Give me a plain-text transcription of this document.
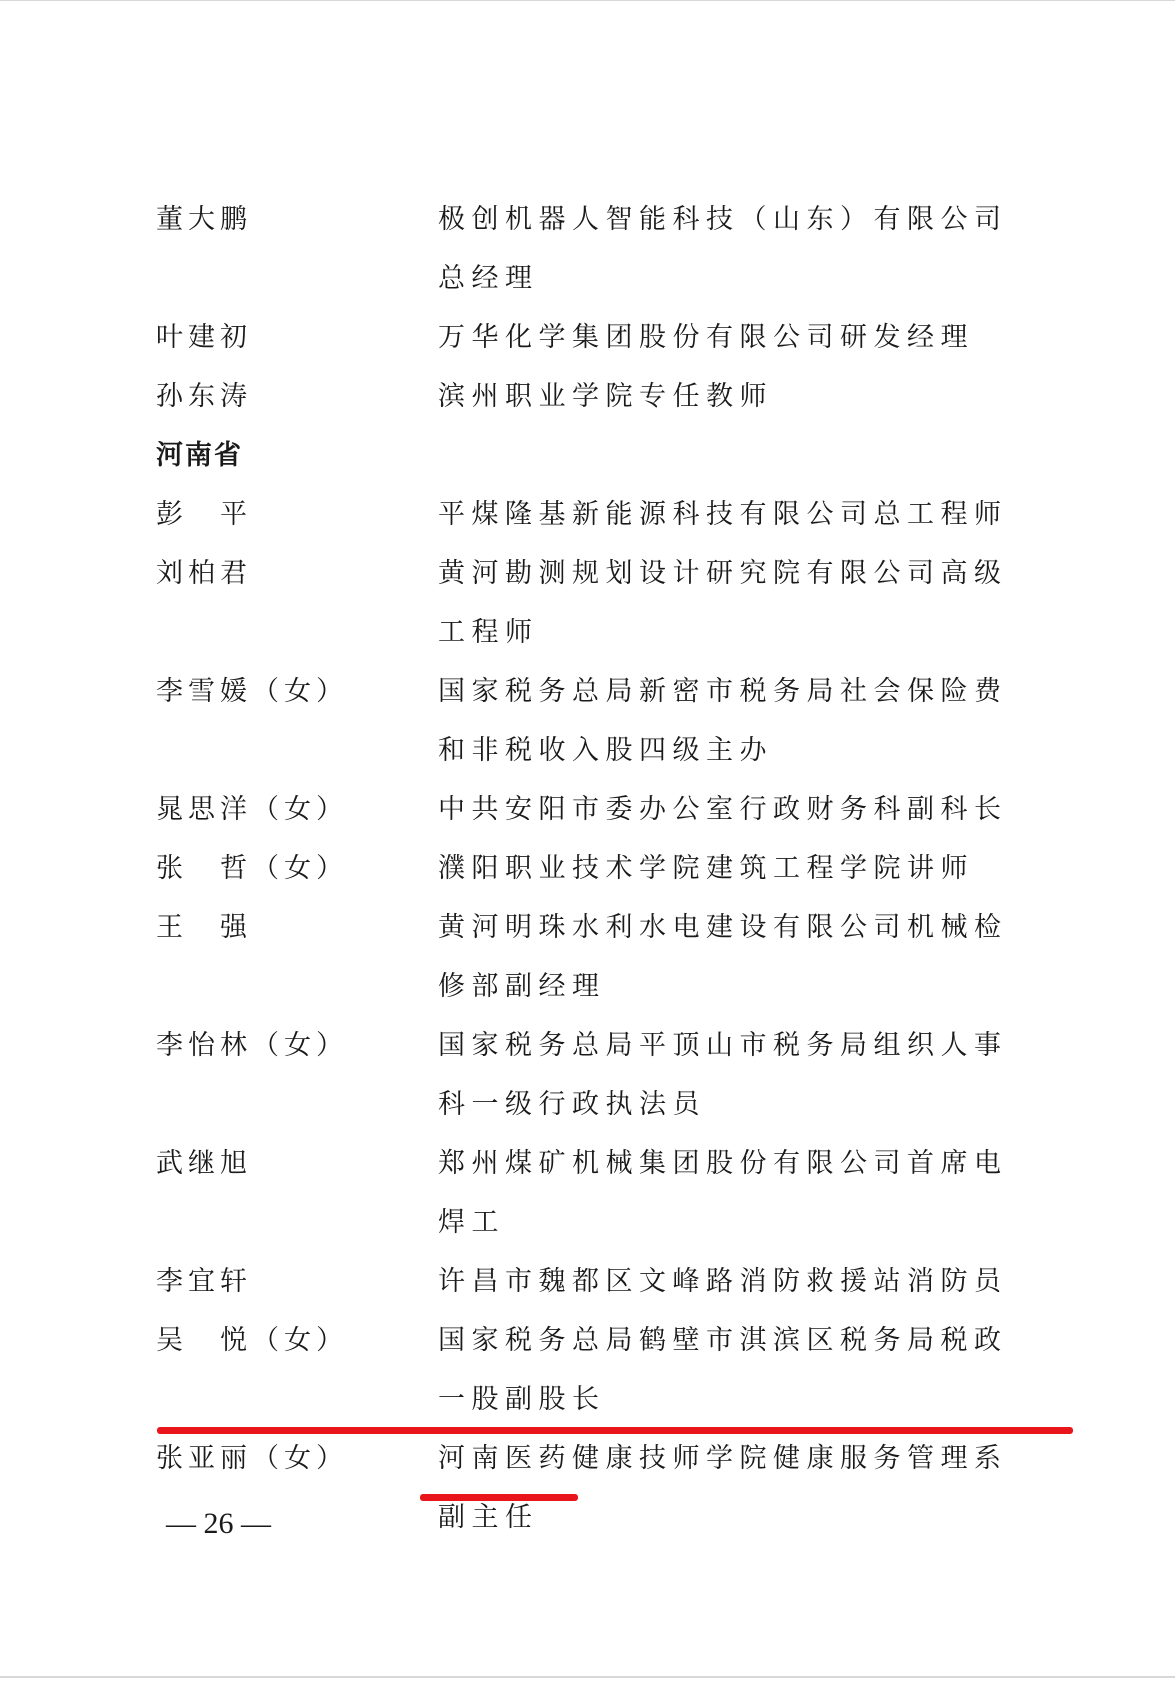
董大鹏	极创机器人智能科技（山东）有限公司总经理
叶建初	万华化学集团股份有限公司研发经理
孙东涛	滨州职业学院专任教师
河南省
彭　平	平煤隆基新能源科技有限公司总工程师
刘柏君	黄河勘测规划设计研究院有限公司高级工程师
李雪媛（女）	国家税务总局新密市税务局社会保险费和非税收入股四级主办
晁思洋（女）	中共安阳市委办公室行政财务科副科长
张　哲（女）	濮阳职业技术学院建筑工程学院讲师
王　强	黄河明珠水利水电建设有限公司机械检修部副经理
李怡林（女）	国家税务总局平顶山市税务局组织人事科一级行政执法员
武继旭	郑州煤矿机械集团股份有限公司首席电焊工
李宜轩	许昌市魏都区文峰路消防救援站消防员
吴　悦（女）	国家税务总局鹤壁市淇滨区税务局税政一股副股长
张亚丽（女）	河南医药健康技师学院健康服务管理系副主任
— 26 —
